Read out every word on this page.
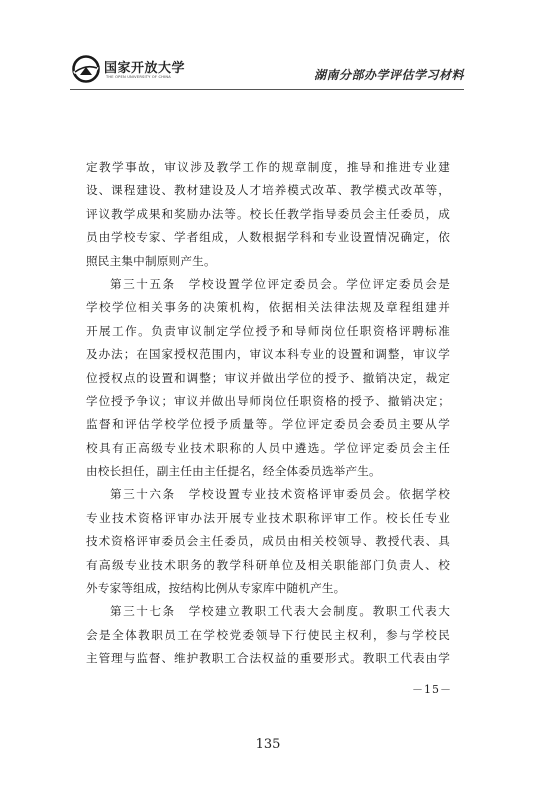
国家开放大学
THE OPEN UNIVERSITY OF CHINA	湖南分部办学评估学习材料
定教学事故，审议涉及教学工作的规章制度，推导和推进专业建
设、课程建设、教材建设及人才培养模式改革、教学模式改革等，
评议教学成果和奖励办法等。校长任教学指导委员会主任委员，成
员由学校专家、学者组成，人数根据学科和专业设置情况确定，依
照民主集中制原则产生。
第三十五条　学校设置学位评定委员会。学位评定委员会是
学校学位相关事务的决策机构，依据相关法律法规及章程组建并
开展工作。负责审议制定学位授予和导师岗位任职资格评聘标准
及办法；在国家授权范围内，审议本科专业的设置和调整，审议学
位授权点的设置和调整；审议并做出学位的授予、撤销决定，裁定
学位授予争议；审议并做出导师岗位任职资格的授予、撤销决定；
监督和评估学校学位授予质量等。学位评定委员会委员主要从学
校具有正高级专业技术职称的人员中遴选。学位评定委员会主任
由校长担任，副主任由主任提名，经全体委员选举产生。
第三十六条　学校设置专业技术资格评审委员会。依据学校
专业技术资格评审办法开展专业技术职称评审工作。校长任专业
技术资格评审委员会主任委员，成员由相关校领导、教授代表、具
有高级专业技术职务的教学科研单位及相关职能部门负责人、校
外专家等组成，按结构比例从专家库中随机产生。
第三十七条　学校建立教职工代表大会制度。教职工代表大
会是全体教职员工在学校党委领导下行使民主权利，参与学校民
主管理与监督、维护教职工合法权益的重要形式。教职工代表由学
－15－
135
